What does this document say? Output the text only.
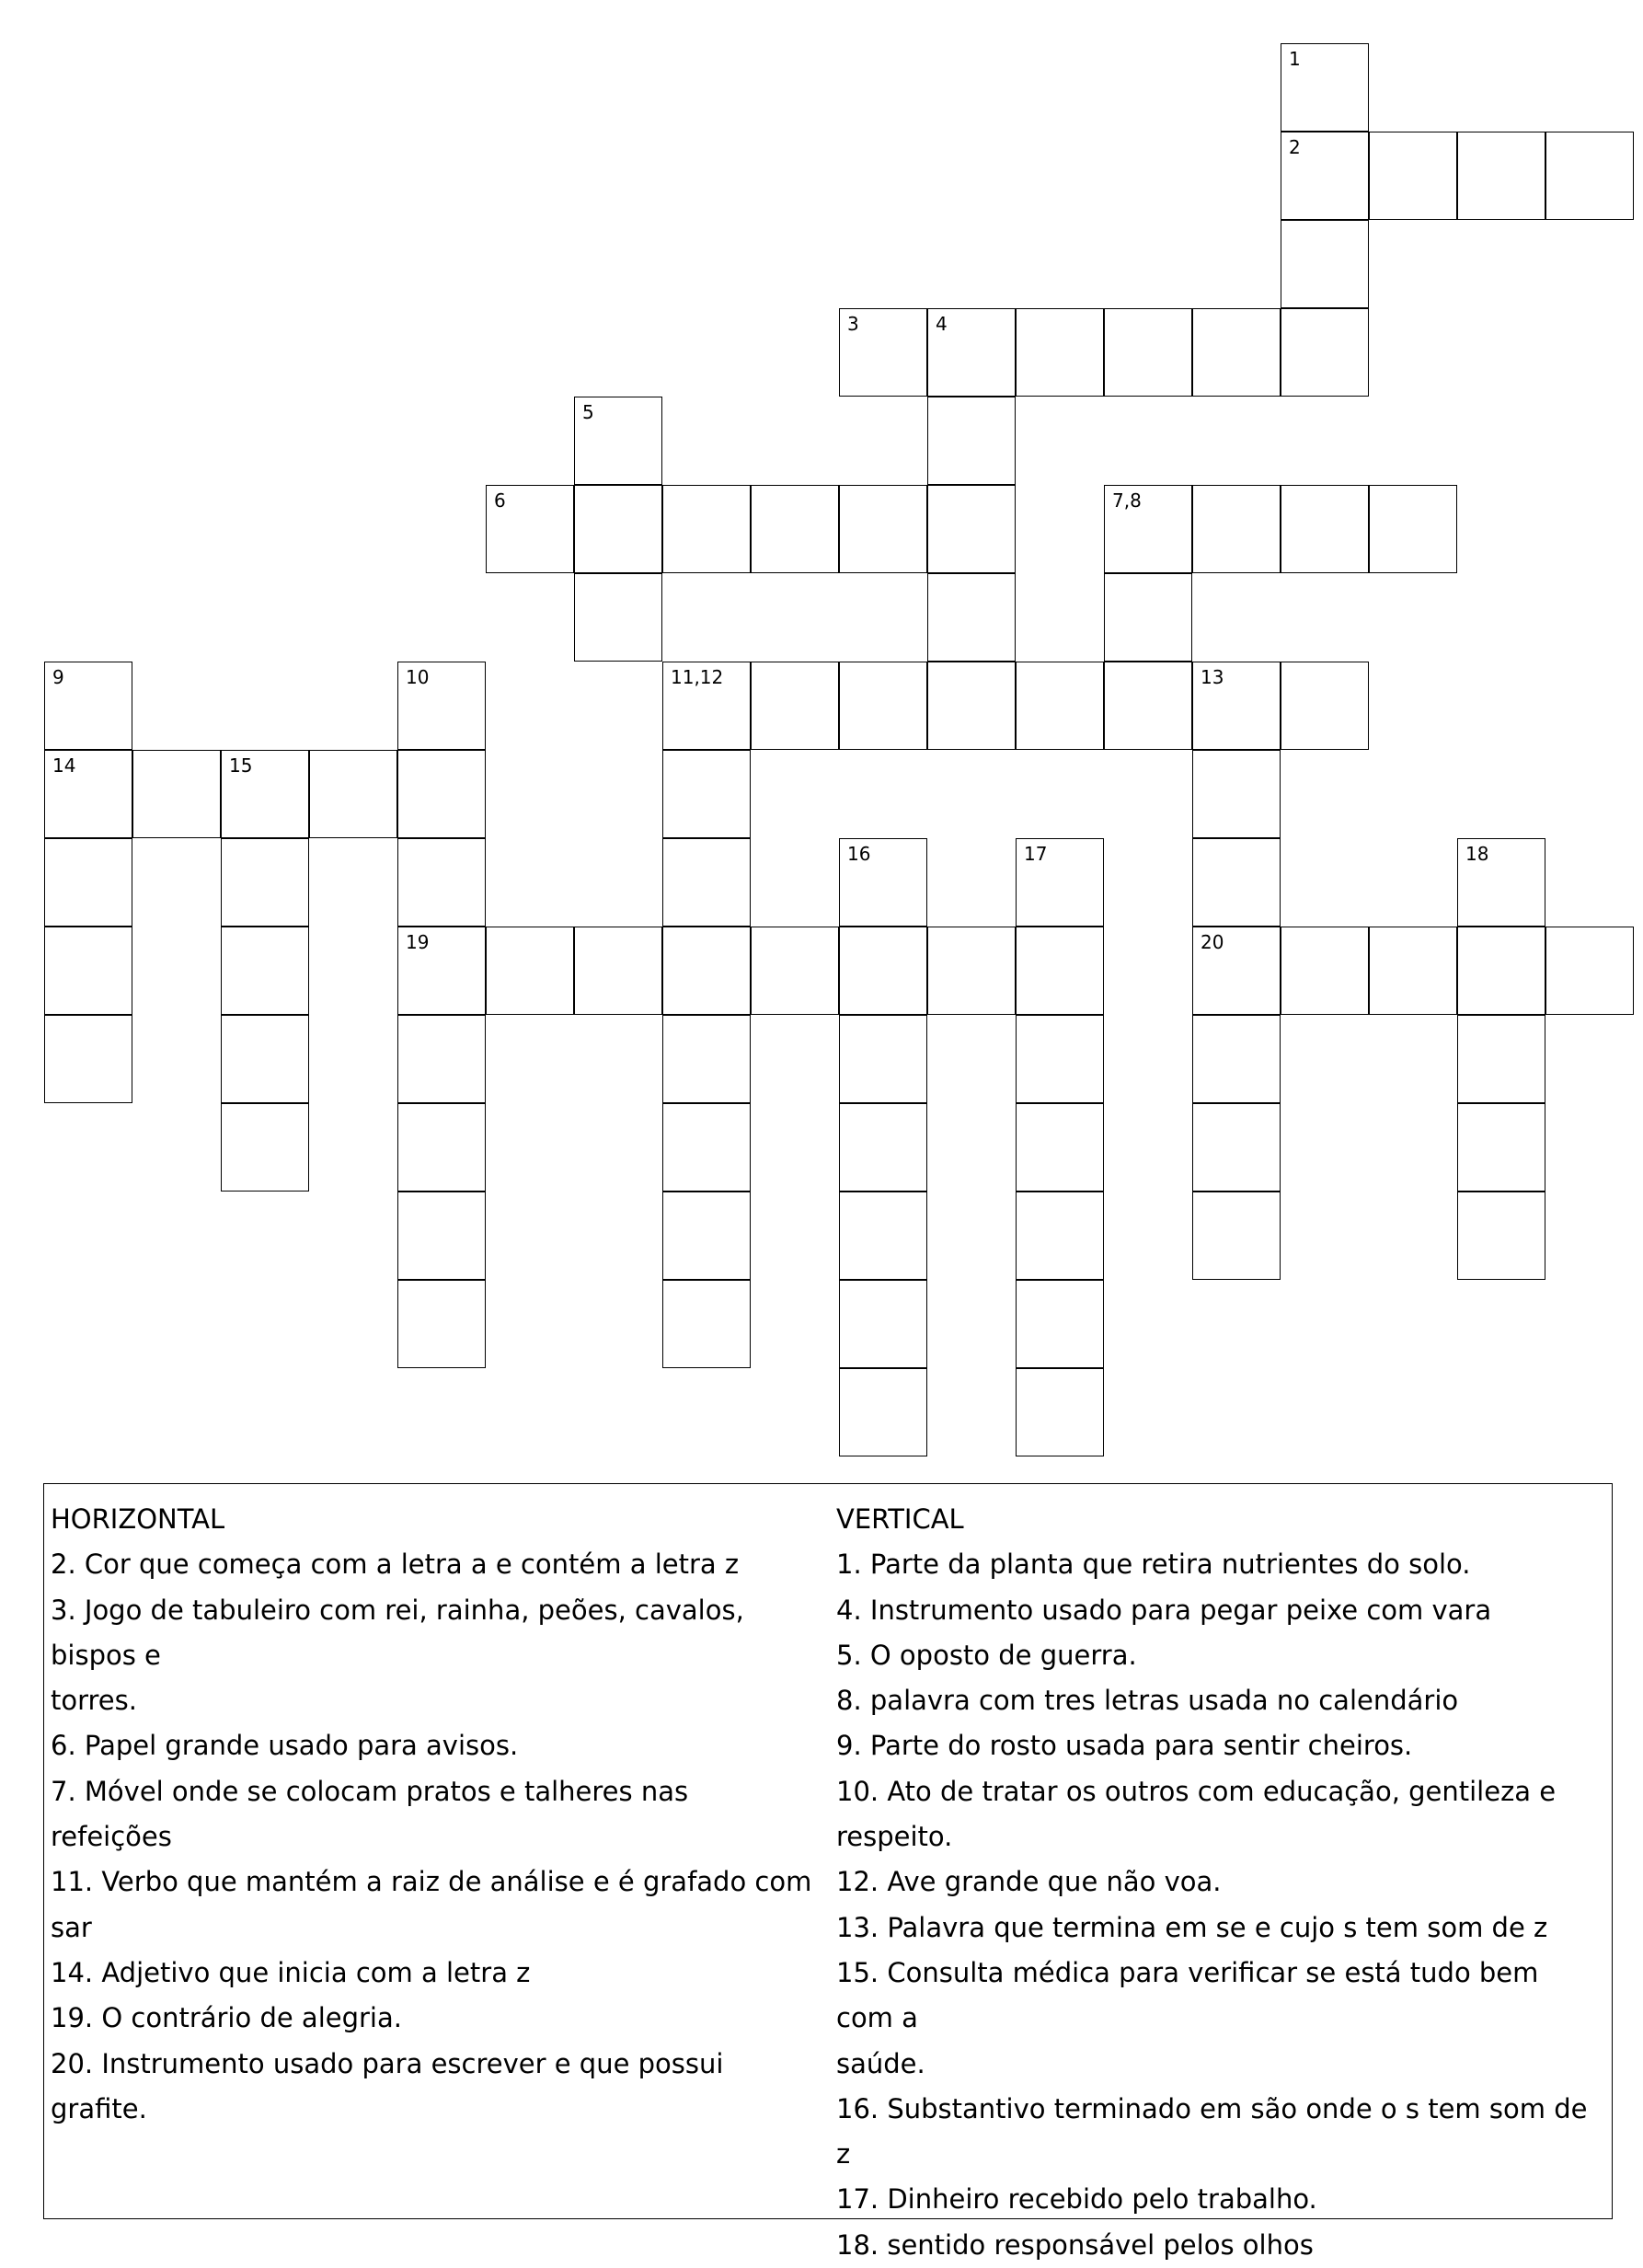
1
2
3	4
5
6	7,8
9	10	11,12	13
14	15
16	17	18
19	20
HORIZONTAL
2. Cor que começa com a letra a e contém a letra z
3. Jogo de tabuleiro com rei, rainha, peões, cavalos, bispos e
torres.
6. Papel grande usado para avisos.
7. Móvel onde se colocam pratos e talheres nas refeições
11. Verbo que mantém a raiz de análise e é grafado com sar
14. Adjetivo que inicia com a letra z
19. O contrário de alegria.
20. Instrumento usado para escrever e que possui grafite.
VERTICAL
1. Parte da planta que retira nutrientes do solo.
4. Instrumento usado para pegar peixe com vara
5. O oposto de guerra.
8. palavra com tres letras usada no calendário
9. Parte do rosto usada para sentir cheiros.
10. Ato de tratar os outros com educação, gentileza e
respeito.
12. Ave grande que não voa.
13. Palavra que termina em se e cujo s tem som de z
15. Consulta médica para verificar se está tudo bem com a
saúde.
16. Substantivo terminado em são onde o s tem som de z
17. Dinheiro recebido pelo trabalho.
18. sentido responsável pelos olhos
